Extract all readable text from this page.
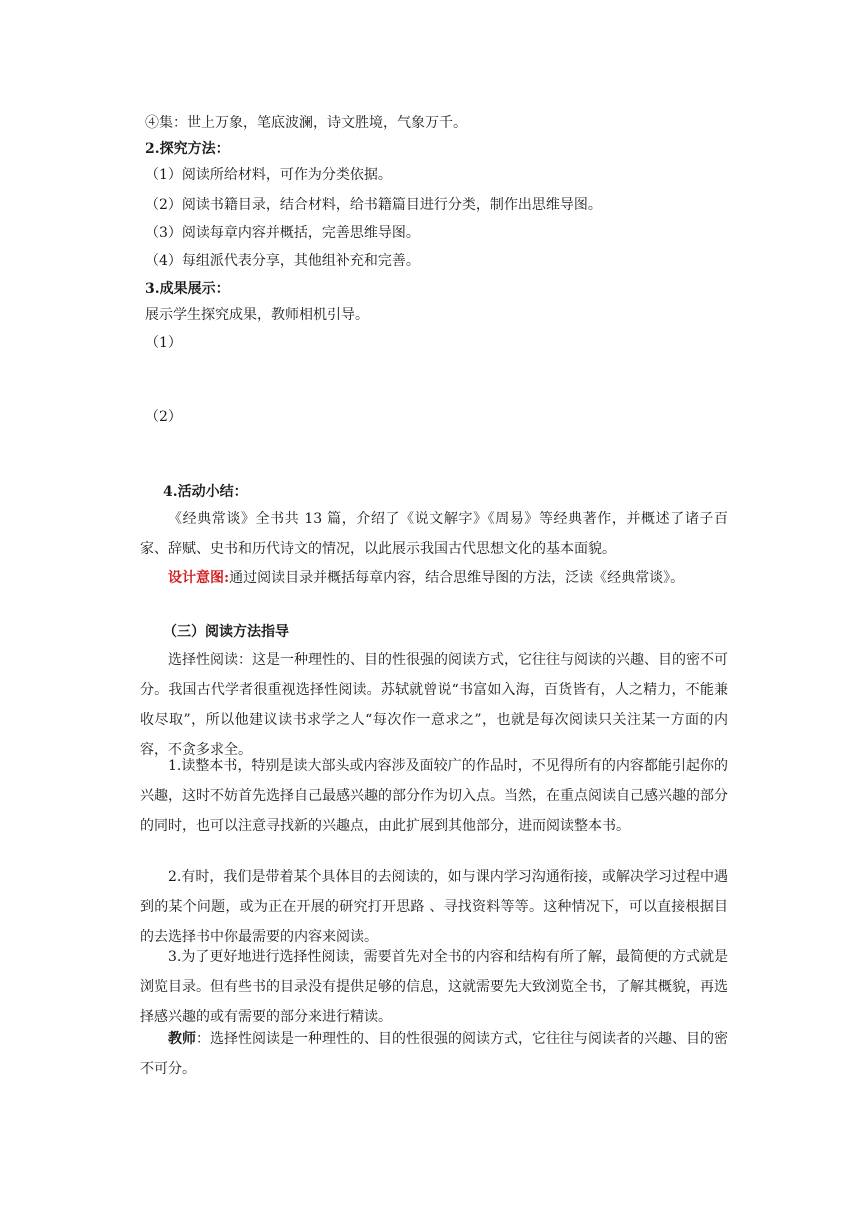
④集：世上万象，笔底波澜，诗文胜境，气象万千。
2.探究方法：
（1）阅读所给材料，可作为分类依据。
（2）阅读书籍目录，结合材料，给书籍篇目进行分类，制作出思维导图。
（3）阅读每章内容并概括，完善思维导图。
（4）每组派代表分享，其他组补充和完善。
3.成果展示：
展示学生探究成果，教师相机引导。
（1）
（2）
4.活动小结：
《经典常谈》全书共 13 篇，介绍了《说文解字》《周易》等经典著作，并概述了诸子百家、辞赋、史书和历代诗文的情况，以此展示我国古代思想文化的基本面貌。
设计意图:通过阅读目录并概括每章内容，结合思维导图的方法，泛读《经典常谈》。
（三）阅读方法指导
选择性阅读：这是一种理性的、目的性很强的阅读方式，它往往与阅读的兴趣、目的密不可分。我国古代学者很重视选择性阅读。苏轼就曾说“书富如入海，百货皆有，人之精力，不能兼收尽取”，所以他建议读书求学之人“每次作一意求之”，也就是每次阅读只关注某一方面的内容，不贪多求全。
1.读整本书，特别是读大部头或内容涉及面较广的作品时，不见得所有的内容都能引起你的兴趣，这时不妨首先选择自己最感兴趣的部分作为切入点。当然，在重点阅读自己感兴趣的部分的同时，也可以注意寻找新的兴趣点，由此扩展到其他部分，进而阅读整本书。
2.有时，我们是带着某个具体目的去阅读的，如与课内学习沟通衔接，或解决学习过程中遇到的某个问题，或为正在开展的研究打开思路 、寻找资料等等。这种情况下，可以直接根据目的去选择书中你最需要的内容来阅读。
3.为了更好地进行选择性阅读，需要首先对全书的内容和结构有所了解，最简便的方式就是浏览目录。但有些书的目录没有提供足够的信息，这就需要先大致浏览全书，了解其概貌，再选择感兴趣的或有需要的部分来进行精读。
教师：选择性阅读是一种理性的、目的性很强的阅读方式，它往往与阅读者的兴趣、目的密不可分。
